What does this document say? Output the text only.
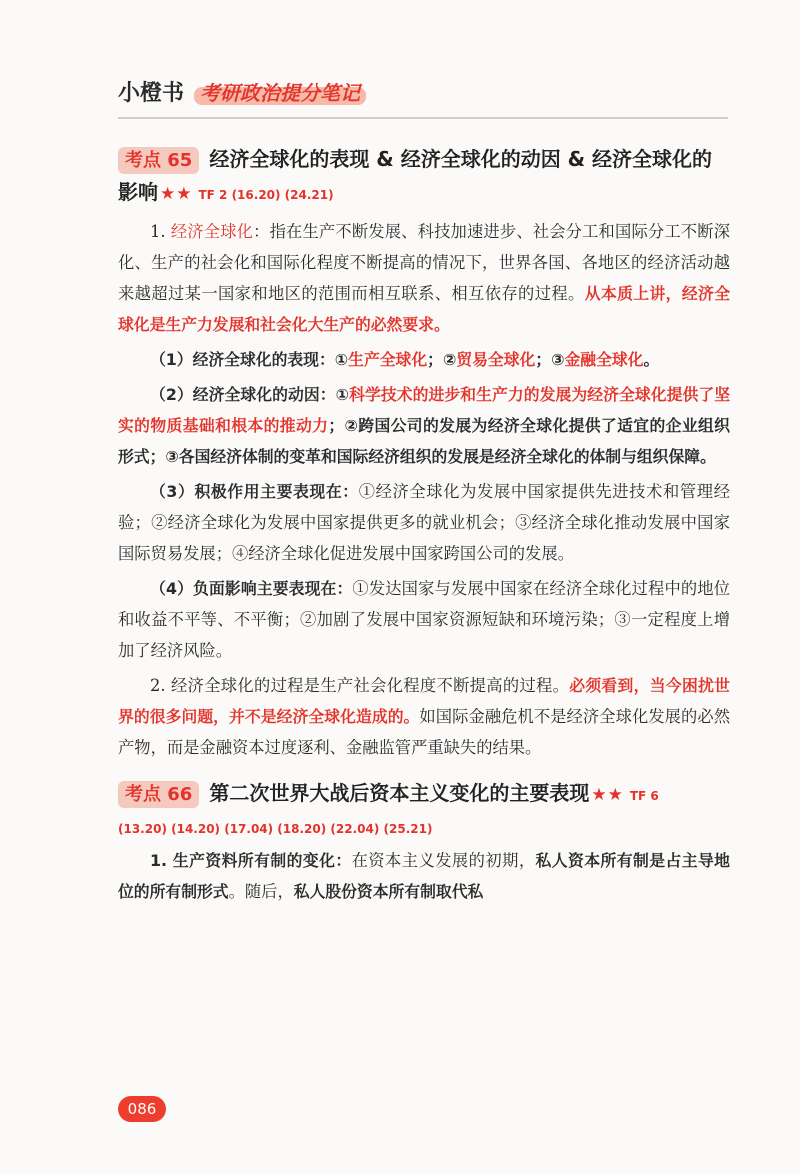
小橙书 考研政治提分笔记
考点 65 经济全球化的表现 & 经济全球化的动因 & 经济全球化的影响 ★★ TF 2 (16.20) (24.21)

1. 经济全球化：指在生产不断发展、科技加速进步、社会分工和国际分工不断深化、生产的社会化和国际化程度不断提高的情况下，世界各国、各地区的经济活动越来越超过某一国家和地区的范围而相互联系、相互依存的过程。从本质上讲，经济全球化是生产力发展和社会化大生产的必然要求。

（1）经济全球化的表现：①生产全球化；②贸易全球化；③金融全球化。

（2）经济全球化的动因：①科学技术的进步和生产力的发展为经济全球化提供了坚实的物质基础和根本的推动力；②跨国公司的发展为经济全球化提供了适宜的企业组织形式；③各国经济体制的变革和国际经济组织的发展是经济全球化的体制与组织保障。

（3）积极作用主要表现在：①经济全球化为发展中国家提供先进技术和管理经验；②经济全球化为发展中国家提供更多的就业机会；③经济全球化推动发展中国家国际贸易发展；④经济全球化促进发展中国家跨国公司的发展。

（4）负面影响主要表现在：①发达国家与发展中国家在经济全球化过程中的地位和收益不平等、不平衡；②加剧了发展中国家资源短缺和环境污染；③一定程度上增加了经济风险。

2. 经济全球化的过程是生产社会化程度不断提高的过程。必须看到，当今困扰世界的很多问题，并不是经济全球化造成的。如国际金融危机不是经济全球化发展的必然产物，而是金融资本过度逐利、金融监管严重缺失的结果。

考点 66 第二次世界大战后资本主义变化的主要表现 ★★ TF 6
(13.20) (14.20) (17.04) (18.20) (22.04) (25.21)

1. 生产资料所有制的变化：在资本主义发展的初期，私人资本所有制是占主导地位的所有制形式。随后，私人股份资本所有制取代私

086
